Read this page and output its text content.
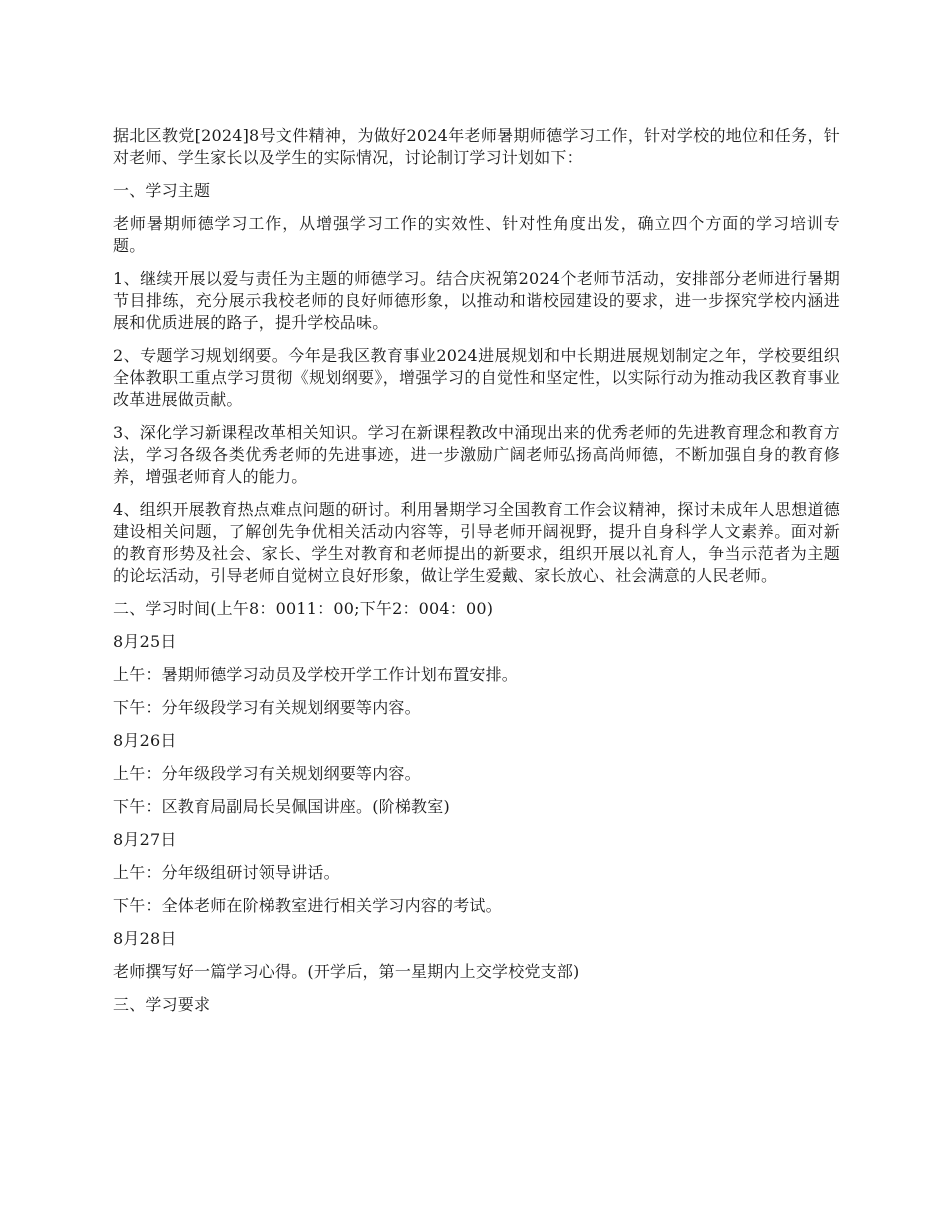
据北区教党[2024]8号文件精神，为做好2024年老师暑期师德学习工作，针对学校的地位和任务，针对老师、学生家长以及学生的实际情况，讨论制订学习计划如下：

一、学习主题

老师暑期师德学习工作，从增强学习工作的实效性、针对性角度出发，确立四个方面的学习培训专题。

1、继续开展以爱与责任为主题的师德学习。结合庆祝第2024个老师节活动，安排部分老师进行暑期节目排练，充分展示我校老师的良好师德形象，以推动和谐校园建设的要求，进一步探究学校内涵进展和优质进展的路子，提升学校品味。

2、专题学习规划纲要。今年是我区教育事业2024进展规划和中长期进展规划制定之年，学校要组织全体教职工重点学习贯彻《规划纲要》，增强学习的自觉性和坚定性，以实际行动为推动我区教育事业改革进展做贡献。

3、深化学习新课程改革相关知识。学习在新课程教改中涌现出来的优秀老师的先进教育理念和教育方法，学习各级各类优秀老师的先进事迹，进一步激励广阔老师弘扬高尚师德，不断加强自身的教育修养，增强老师育人的能力。

4、组织开展教育热点难点问题的研讨。利用暑期学习全国教育工作会议精神，探讨未成年人思想道德建设相关问题，了解创先争优相关活动内容等，引导老师开阔视野，提升自身科学人文素养。面对新的教育形势及社会、家长、学生对教育和老师提出的新要求，组织开展以礼育人，争当示范者为主题的论坛活动，引导老师自觉树立良好形象，做让学生爱戴、家长放心、社会满意的人民老师。

二、学习时间(上午8：0011：00;下午2：004：00)

8月25日

上午：暑期师德学习动员及学校开学工作计划布置安排。

下午：分年级段学习有关规划纲要等内容。

8月26日

上午：分年级段学习有关规划纲要等内容。

下午：区教育局副局长吴佩国讲座。(阶梯教室)

8月27日

上午：分年级组研讨领导讲话。

下午：全体老师在阶梯教室进行相关学习内容的考试。

8月28日

老师撰写好一篇学习心得。(开学后，第一星期内上交学校党支部)

三、学习要求
